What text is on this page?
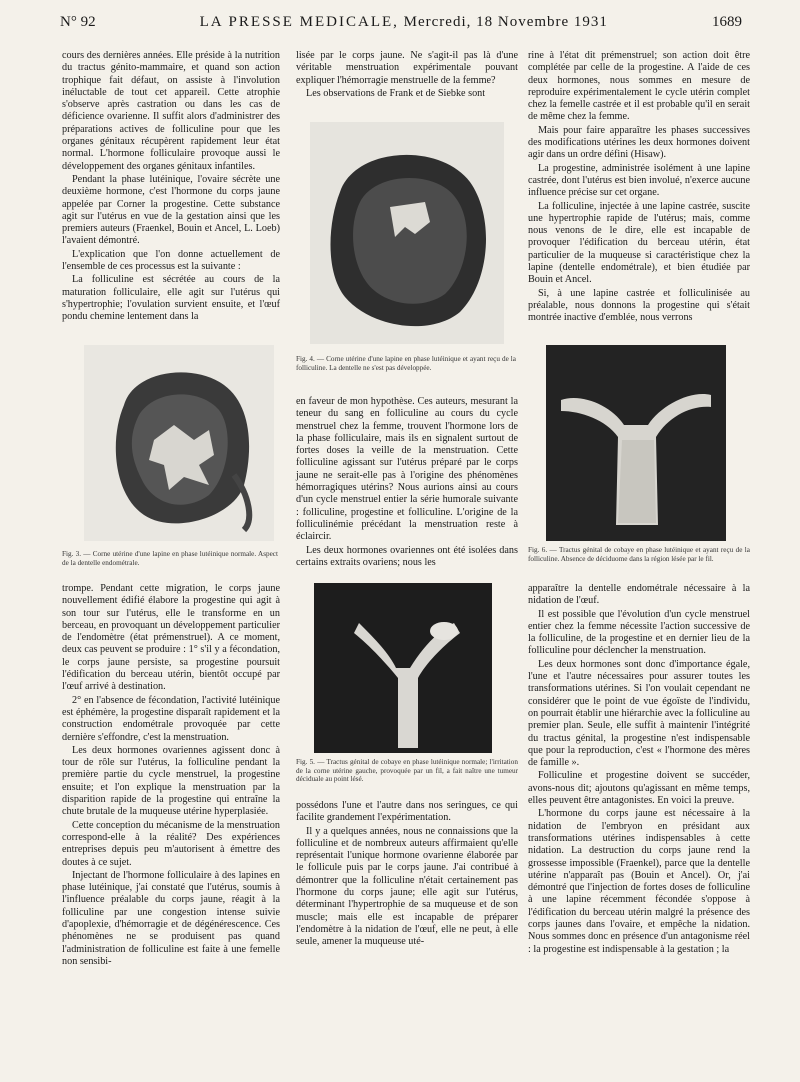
N° 92	LA PRESSE MEDICALE, Mercredi, 18 Novembre 1931	1689

cours des dernières années. Elle préside à la nutrition du tractus génito-mammaire, et quand son action trophique fait défaut, on assiste à l'involution inéluctable de tout cet appareil. Cette atrophie s'observe après castration ou dans les cas de déficience ovarienne. Il suffit alors d'administrer des préparations actives de folliculine pour que les organes génitaux récupèrent rapidement leur état normal. L'hormone folliculaire provoque aussi le développement des organes génitaux infantiles.

Pendant la phase lutéinique, l'ovaire sécrète une deuxième hormone, c'est l'hormone du corps jaune appelée par Corner la progestine. Cette substance agit sur l'utérus en vue de la gestation ainsi que les premiers auteurs (Fraenkel, Bouin et Ancel, L. Loeb) l'avaient démontré.

L'explication que l'on donne actuellement de l'ensemble de ces processus est la suivante :

La folliculine est sécrétée au cours de la maturation folliculaire, elle agit sur l'utérus qui s'hypertrophie; l'ovulation survient ensuite, et l'œuf pondu chemine lentement dans la

Fig. 3. — Corne utérine d'une lapine en phase lutéinique normale. Aspect de la dentelle endométrale.

trompe. Pendant cette migration, le corps jaune nouvellement édifié élabore la progestine qui agit à son tour sur l'utérus, elle le transforme en un berceau, en provoquant un développement particulier de l'endomètre (état prémenstruel). A ce moment, deux cas peuvent se produire : 1° s'il y a fécondation, le corps jaune persiste, sa progestine poursuit l'édification du berceau utérin, bientôt occupé par l'œuf arrivé à destination.

2° en l'absence de fécondation, l'activité lutéinique est éphémère, la progestine disparaît rapidement et la construction endométrale provoquée par cette dernière s'effondre, c'est la menstruation.

Les deux hormones ovariennes agissent donc à tour de rôle sur l'utérus, la folliculine pendant la première partie du cycle menstruel, la progestine ensuite; et l'on explique la menstruation par la disparition rapide de la progestine qui entraîne la chute brutale de la muqueuse utérine hyperplasiée.

Cette conception du mécanisme de la menstruation correspond-elle à la réalité? Des expériences entreprises depuis peu m'autorisent à émettre des doutes à ce sujet.

Injectant de l'hormone folliculaire à des lapines en phase lutéinique, j'ai constaté que l'utérus, soumis à l'influence préalable du corps jaune, réagit à la folliculine par une congestion intense suivie d'apoplexie, d'hémorragie et de dégénérescence. Ces phénomènes ne se produisent pas quand l'administration de folliculine est faite à une femelle non sensibi-

lisée par le corps jaune. Ne s'agit-il pas là d'une véritable menstruation expérimentale pouvant expliquer l'hémorragie menstruelle de la femme?

Les observations de Frank et de Siebke sont

Fig. 4. — Corne utérine d'une lapine en phase lutéinique et ayant reçu de la folliculine. La dentelle ne s'est pas développée.

en faveur de mon hypothèse. Ces auteurs, mesurant la teneur du sang en folliculine au cours du cycle menstruel chez la femme, trouvent l'hormone lors de la phase folliculaire, mais ils en signalent surtout de fortes doses la veille de la menstruation. Cette folliculine agissant sur l'utérus préparé par le corps jaune ne serait-elle pas à l'origine des phénomènes hémorragiques utérins? Nous aurions ainsi au cours d'un cycle menstruel entier la série humorale suivante : folliculine, progestine et folliculine. L'origine de la folliculinémie précédant la menstruation reste à éclaircir.

Les deux hormones ovariennes ont été isolées dans certains extraits ovariens; nous les

Fig. 5. — Tractus génital de cobaye en phase lutéinique normale; l'irritation de la corne utérine gauche, provoquée par un fil, a fait naître une tumeur déciduale au point lésé.

possédons l'une et l'autre dans nos seringues, ce qui facilite grandement l'expérimentation.

Il y a quelques années, nous ne connaissions que la folliculine et de nombreux auteurs affirmaient qu'elle représentait l'unique hormone ovarienne élaborée par le follicule puis par le corps jaune. J'ai contribué à démontrer que la folliculine n'était certainement pas l'hormone du corps jaune; elle agit sur l'utérus, déterminant l'hypertrophie de sa muqueuse et de son muscle; mais elle est incapable de préparer l'endomètre à la nidation de l'œuf, elle ne peut, à elle seule, amener la muqueuse uté-

rine à l'état dit prémenstruel; son action doit être complétée par celle de la progestine. A l'aide de ces deux hormones, nous sommes en mesure de reproduire expérimentalement le cycle utérin complet chez la femelle castrée et il est probable qu'il en serait de même chez la femme.

Mais pour faire apparaître les phases successives des modifications utérines les deux hormones doivent agir dans un ordre défini (Hisaw).

La progestine, administrée isolément à une lapine castrée, dont l'utérus est bien involué, n'exerce aucune influence précise sur cet organe.

La folliculine, injectée à une lapine castrée, suscite une hypertrophie rapide de l'utérus; mais, comme nous venons de le dire, elle est incapable de provoquer l'édification du berceau utérin, état particulier de la muqueuse si caractéristique chez la lapine (dentelle endométrale), et bien étudiée par Bouin et Ancel.

Si, à une lapine castrée et folliculinisée au préalable, nous donnons la progestine qui s'était montrée inactive d'emblée, nous verrons

Fig. 6. — Tractus génital de cobaye en phase lutéinique et ayant reçu de la folliculine. Absence de déciduome dans la région lésée par le fil.

apparaître la dentelle endométrale nécessaire à la nidation de l'œuf.

Il est possible que l'évolution d'un cycle menstruel entier chez la femme nécessite l'action successive de la folliculine, de la progestine et en dernier lieu de la folliculine pour déclencher la menstruation.

Les deux hormones sont donc d'importance égale, l'une et l'autre nécessaires pour assurer toutes les transformations utérines. Si l'on voulait cependant ne considérer que le point de vue égoïste de l'individu, on pourrait établir une hiérarchie avec la folliculine au premier plan. Seule, elle suffit à maintenir l'intégrité du tractus génital, la progestine n'est indispensable que pour la reproduction, c'est « l'hormone des mères de famille ».

Folliculine et progestine doivent se succéder, avons-nous dit; ajoutons qu'agissant en même temps, elles peuvent être antagonistes. En voici la preuve.

L'hormone du corps jaune est nécessaire à la nidation de l'embryon en présidant aux transformations utérines indispensables à cette nidation. La destruction du corps jaune rend la grossesse impossible (Fraenkel), parce que la dentelle utérine n'apparaît pas (Bouin et Ancel). Or, j'ai démontré que l'injection de fortes doses de folliculine à une lapine récemment fécondée s'oppose à l'édification du berceau utérin malgré la présence des corps jaunes dans l'ovaire, et empêche la nidation. Nous sommes donc en présence d'un antagonisme réel : la progestine est indispensable à la gestation ; la
